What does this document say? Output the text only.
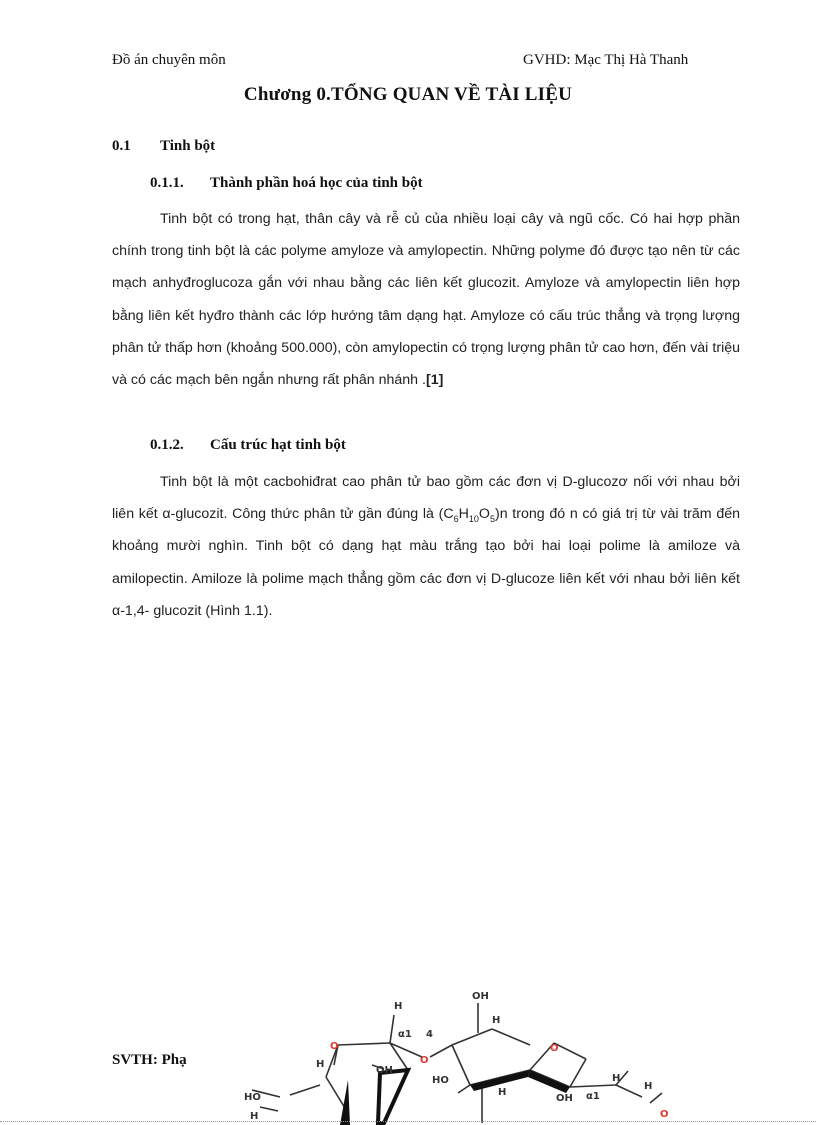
Đồ án chuyên môn	GVHD: Mạc Thị Hà Thanh
Chương 0.TỔNG QUAN VỀ TÀI LIỆU
0.1 Tinh bột
0.1.1. Thành phần hoá học của tinh bột

Tinh bột có trong hạt, thân cây và rễ củ của nhiều loại cây và ngũ cốc. Có hai hợp phần chính trong tinh bột là các polyme amyloze và amylopectin. Những polyme đó được tạo nên từ các mạch anhyđroglucoza gắn với nhau bằng các liên kết glucozit. Amyloze và amylopectin liên hợp bằng liên kết hyđro thành các lớp hướng tâm dạng hạt. Amyloze có cấu trúc thẳng và trọng lượng phân tử thấp hơn (khoảng 500.000), còn amylopectin có trọng lượng phân tử cao hơn, đến vài triệu và có các mạch bên ngắn nhưng rất phân nhánh .[1]

0.1.2. Cấu trúc hạt tinh bột

Tinh bột là một cacbohiđrat cao phân tử bao gồm các đơn vị D-glucozơ nối với nhau bởi liên kết α-glucozit. Công thức phân tử gần đúng là $(C_6H_{10}O_5)n$ trong đó n có giá trị từ vài trăm đến khoảng mười nghìn. Tinh bột có dạng hạt màu trắng tạo bởi hai loại polime là amiloze và amilopectin. Amiloze là polime mạch thẳng gồm các đơn vị D-glucoze liên kết với nhau bởi liên kết α-1,4- glucozit (Hình 1.1).

SVTH: Phạ	O
H
O
H
α1
OH
HO
H
4
OH
H
O
HO
H
OH α1
H
H
O
